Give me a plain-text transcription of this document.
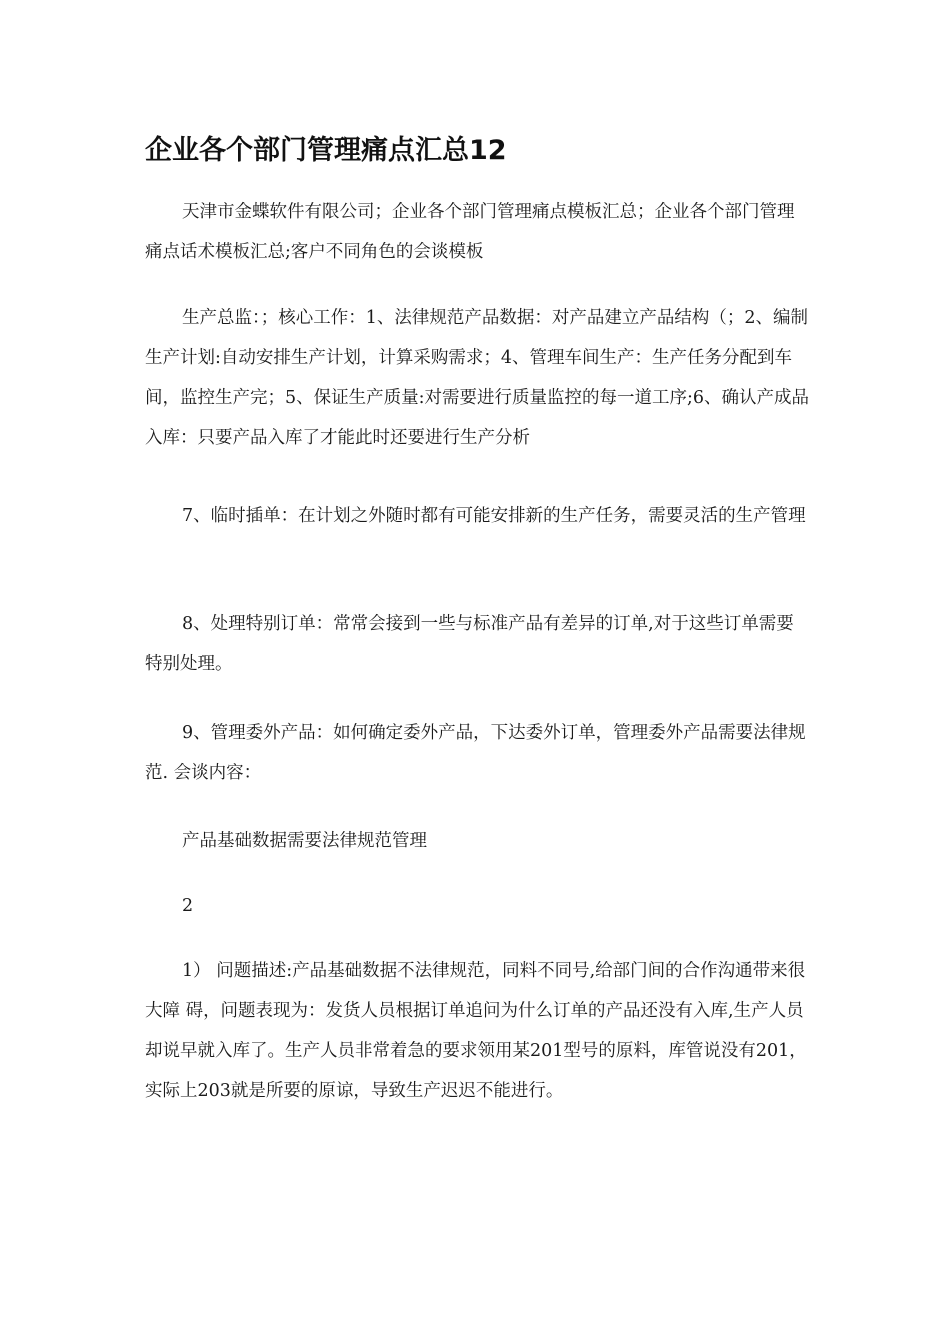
企业各个部门管理痛点汇总12

天津市金蝶软件有限公司；企业各个部门管理痛点模板汇总；企业各个部门管理痛点话术模板汇总;客户不同角色的会谈模板

生产总监：；核心工作：1、法律规范产品数据：对产品建立产品结构（；2、编制生产计划:自动安排生产计划，计算采购需求；4、管理车间生产：生产任务分配到车间，监控生产完；5、保证生产质量:对需要进行质量监控的每一道工序;6、确认产成品入库：只要产品入库了才能此时还要进行生产分析

7、临时插单：在计划之外随时都有可能安排新的生产任务，需要灵活的生产管理

8、处理特别订单：常常会接到一些与标准产品有差异的订单,对于这些订单需要特别处理。

9、管理委外产品：如何确定委外产品，下达委外订单，管理委外产品需要法律规范. 会谈内容：

产品基础数据需要法律规范管理

2

1） 问题描述:产品基础数据不法律规范，同料不同号,给部门间的合作沟通带来很大障 碍，问题表现为：发货人员根据订单追问为什么订单的产品还没有入库,生产人员却说早就入库了。生产人员非常着急的要求领用某201型号的原料，库管说没有201，实际上203就是所要的原谅，导致生产迟迟不能进行。
